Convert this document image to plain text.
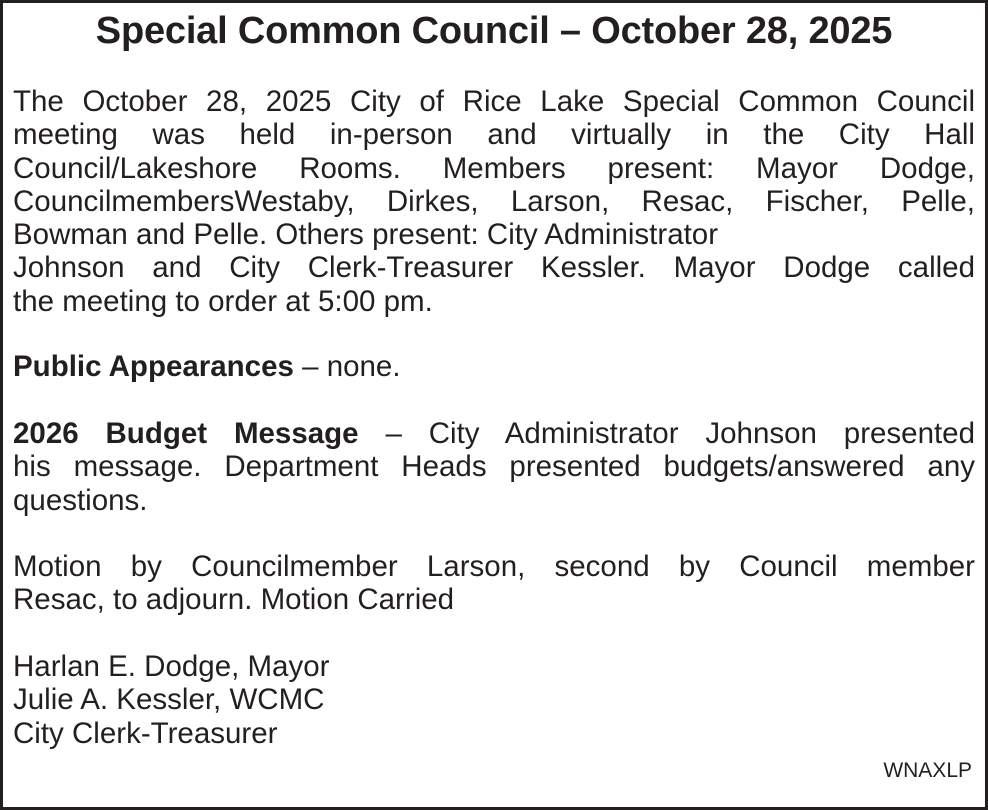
Special Common Council – October 28, 2025
The October 28, 2025 City of Rice Lake Special Common Council
meeting was held in-person and virtually in the City Hall
Council/Lakeshore Rooms. Members present: Mayor Dodge,
CouncilmembersWestaby, Dirkes, Larson, Resac, Fischer, Pelle,
Bowman and Pelle. Others present: City Administrator
Johnson and City Clerk-Treasurer Kessler. Mayor Dodge called
the meeting to order at 5:00 pm.
Public Appearances – none.
2026 Budget Message – City Administrator Johnson presented
his message. Department Heads presented budgets/answered any
questions.
Motion by Councilmember Larson, second by Council member
Resac, to adjourn. Motion Carried
Harlan E. Dodge, Mayor
Julie A. Kessler, WCMC
City Clerk-Treasurer
WNAXLP
